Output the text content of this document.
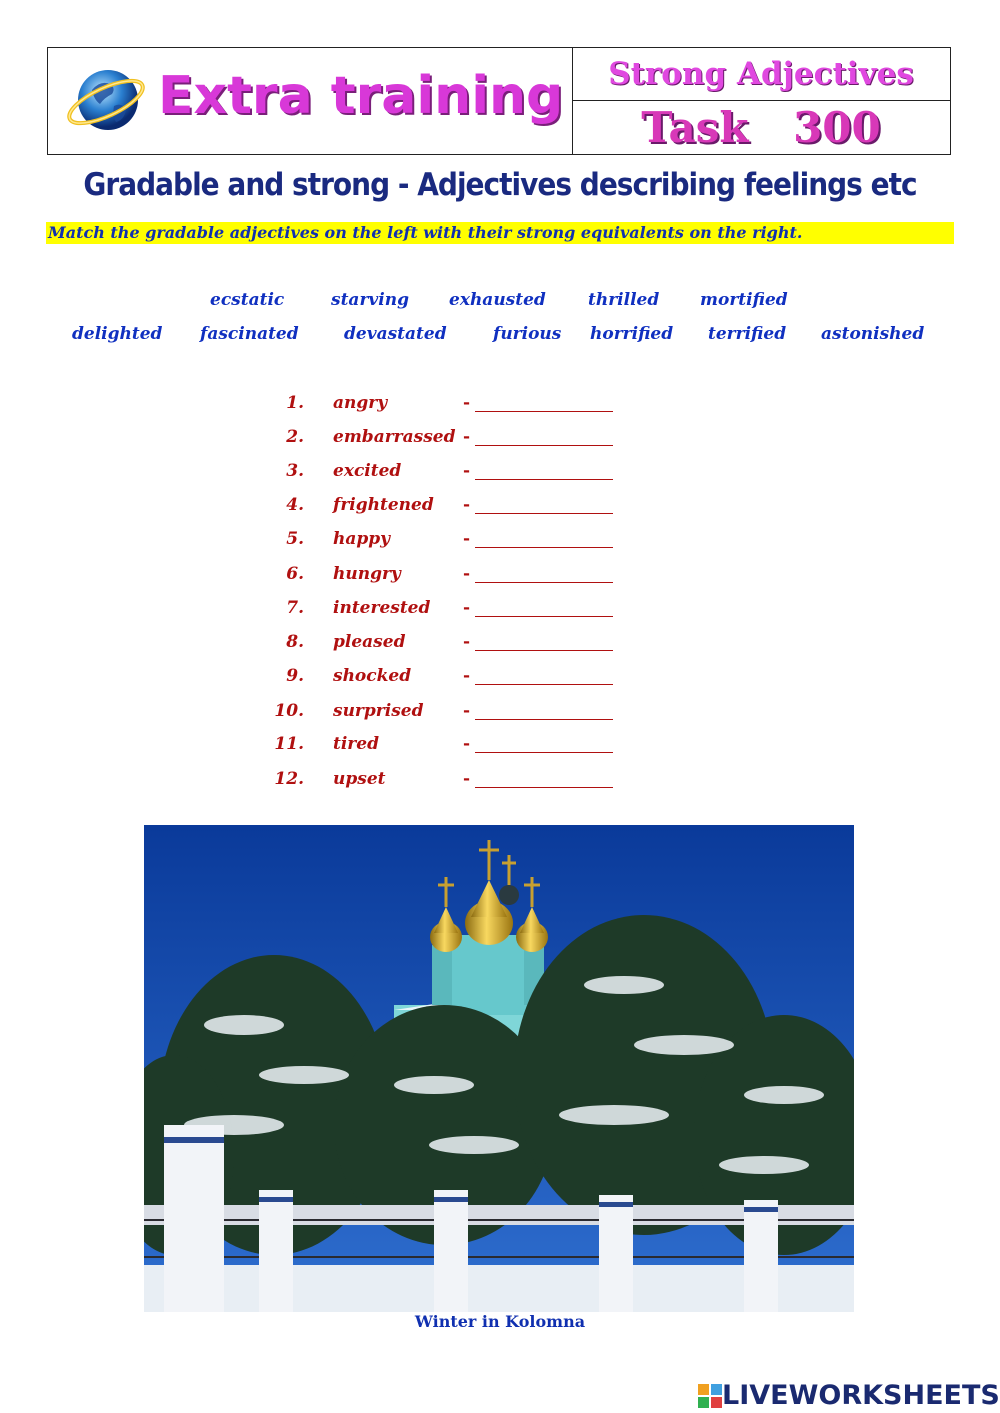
Extra training Strong Adjectives
Task 300
Gradable and strong - Adjectives describing feelings etc
Match the gradable adjectives on the left with their strong equivalents on the right.
ecstatic	starving exhausted thrilled mortified
delighted fascinated	devastated	furious horrified terrified astonished
1. angry	-
2. embarrassed -
3. excited	-
4. frightened -
5. happy	-
6. hungry	-
7. interested -
8. pleased	-
9. shocked	-
10. surprised -
11. tired	-
12. upset	-
Winter in Kolomna
LIVEWORKSHEETS
